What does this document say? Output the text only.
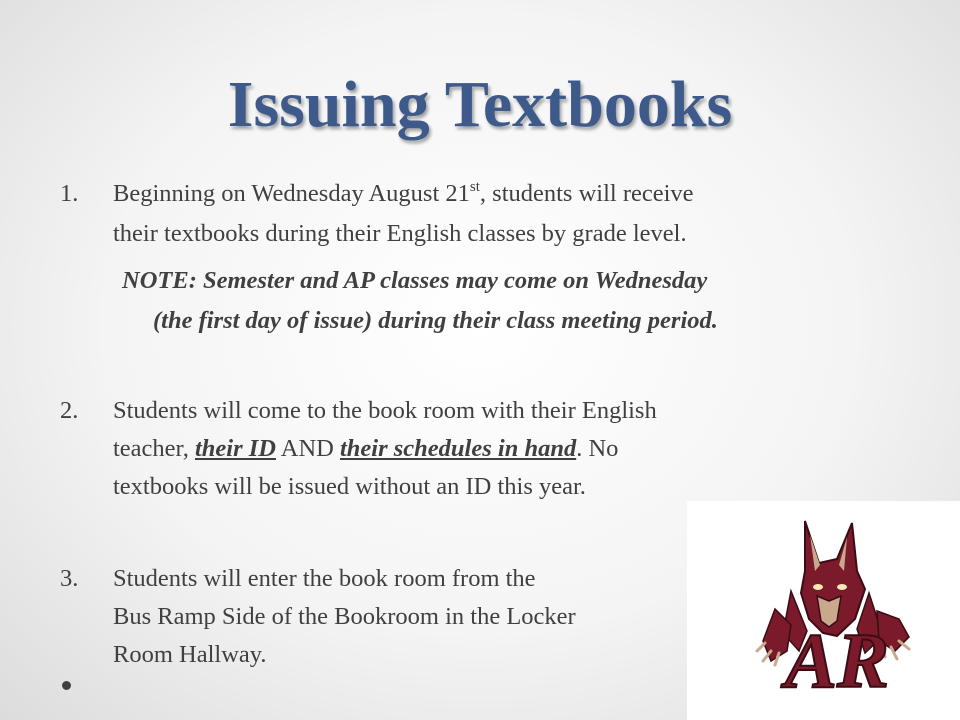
Issuing Textbooks
1. Beginning on Wednesday August 21st, students will receive
their textbooks during their English classes by grade level.
NOTE: Semester and AP classes may come on Wednesday
(the first day of issue) during their class meeting period.
2. Students will come to the book room with their English
teacher, their ID AND their schedules in hand. No
textbooks will be issued without an ID this year.
3. Students will enter the book room from the
Bus Ramp Side of the Bookroom in the Locker
Room Hallway.	AR
